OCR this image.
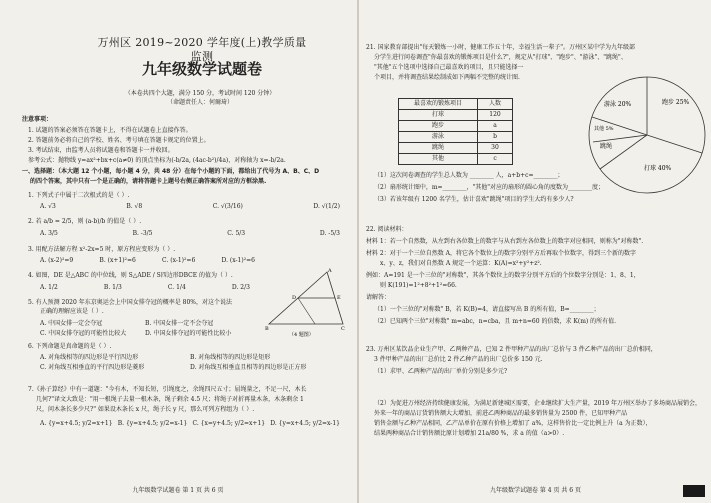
万州区 2019~2020 学年度(上)教学质量监测
九年级数学试题卷
（本卷共四个大题，满分 150 分，考试时间 120 分钟）
（命题责任人：何爾琦）
注意事项：
1. 试题的答案必须答在答题卡上，不得在试题卷上直接作答。
2. 答题前务必将自己的学校、姓名、考号填在答题卡规定的位置上。
3. 考试结束，由监考人员将试题卷和答题卡一并收回。
参考公式：抛物线 y=ax²+bx+c(a≠0) 的顶点坐标为(-b/2a, (4ac-b²)/4a)，对称轴为 x=-b/2a.
一、选择题：（本大题 12 个小题，每小题 4 分，共 48 分）在每个小题的下面，都给出了代号为 A、B、C、D
的四个答案，其中只有一个是正确的，请将答题卡上题号右侧正确答案所对应的方框涂黑.
1. 下列式子中属于二次根式的是（ ）.
A. √3	B. √8	C. √(3/16)	D. √(1/2)
2. 若 a/b = 2/5，则 (a-b)/b 的值是（ ）.
A. 3/5	B. -3/5	C. 5/3	D. -5/3
3. 用配方法解方程 x²-2x=5 时，原方程应变形为（ ）.
A. (x-2)²=9	B. (x+1)²=6	C. (x-1)²=6	D. (x-1)²=6
4. 如图，DE 是△ABC 的中位线，则 S△ADE / S四边形DBCE 的值为（ ）.
A. 1/2	B. 1/3	C. 1/4	D. 2/3
A
B	C
D	E
（4 题图）
5. 有人预测 2020 年东京奥运会上中国女排夺冠的概率是 80%，对这个说法
正确的理解应该是（ ）.
A. 中国女排一定会夺冠	B. 中国女排一定不会夺冠
C. 中国女排夺冠的可能性比较大	D. 中国女排夺冠的可能性比较小
6. 下列命题是真命题的是（ ）.
A. 对角线相等的四边形是平行四边形	B. 对角线相等的四边形是矩形
C. 对角线互相垂直的平行四边形是菱形	D. 对角线互相垂直且相等的四边形是正方形
7.《孙子算经》中有一道题："今有木，不知长短，引绳度之，余绳四尺五寸；屈绳量之，不足一尺，木长
几何?"译文大致是："用一根绳子去量一根木条，绳子剩余 4.5 尺；将绳子对折再量木条，木条剩余 1
尺，问木条长多少尺?" 如果设木条长 x 尺，绳子长 y 尺，那么可列方程组为（ ）.
A. {y=x+4.5; y/2=x+1} B. {y=x+4.5; y/2=x-1} C. {x=y+4.5; y/2=x+1} D. {y=x+4.5; y/2=x-1}
九年级数学试题卷 第 1 页 共 6 页
21. 国家教育部提出"每天锻炼一小时，健康工作五十年，幸福生活一辈子"。万州区某中学为九年级部
分学生进行问卷调查"你最喜欢的锻炼项目是什么?"，规定从"打球"、"跑步"、"游泳"、"跳绳"、
"其他"五个选项中选择自己最喜欢的项目，且只能选择一
个项目，并将调查结果绘制成如下两幅不完整的统计图.
最喜欢的锻炼项目	人数
打球	120
跑步	a
游泳	b
跳绳	30
其他	c
游泳 20%	跑步 25%
其他 5%
跳绳
打球 40%
（1）这次问卷调查的学生总人数为 ________ 人，a+b+c=________；
（2）扇形统计图中，m=________，"其他"对应的扇形的圆心角的度数为________度；
（3）若该年级有 1200 名学生，估计喜欢"跳绳"项目的学生大约有多少人?
22. 阅读材料：
材料 1：若一个自然数，从左到右各位数上的数字与从右到左各位数上的数字对应相同，则称为"对称数".
材料 2：对于一个三位自然数 A，将它各个数位上的数字分别平方后再取个位数字，得到三个新的数字
x、y、z，我们对自然数 A 规定一个运算：K(A)=x²+y²+z².
例如：A=191 是一个三位的"对称数"，其各个数位上的数字分别平方后的个位数字分别是：1、8、1，
则 K(191)=1²+8²+1²=66.
请解答：
（1）一个三位的"对称数" B，若 K(B)=4，请直接写出 B 的所有值，B=________；
（2）已知两个三位"对称数" m=abc，n=cba，且 m+n=60 的倍数，求 K(m) 的所有值.
23. 万州区某饮品企业生产甲、乙两种产品，已知 2 件甲种产品的出厂总价与 3 件乙种产品的出厂总价相同，
3 件甲种产品的出厂总价比 2 件乙种产品的出厂总价多 150 元.
（1）求甲、乙两种产品的出厂单价分别是多少元?
（2）为促进万州经济持续健康发展，为满足新建城区需要，企业继续扩大生产量，2019 年万州区举办了多场商品展销会，
外来一年的商品订货销售额大大增加，前进乙两种商品的最多销售量为 2500 件，已知甲种产品
销售金额与乙种产品相同，乙产品单价在原有价格上增加了 a%，这样售价比一定比例上升（a 为正数），
结果两种商品合计销售额比原计划增加 21a/80 %，求 a 的值（a>0）.
九年级数学试题卷 第 4 页 共 6 页
